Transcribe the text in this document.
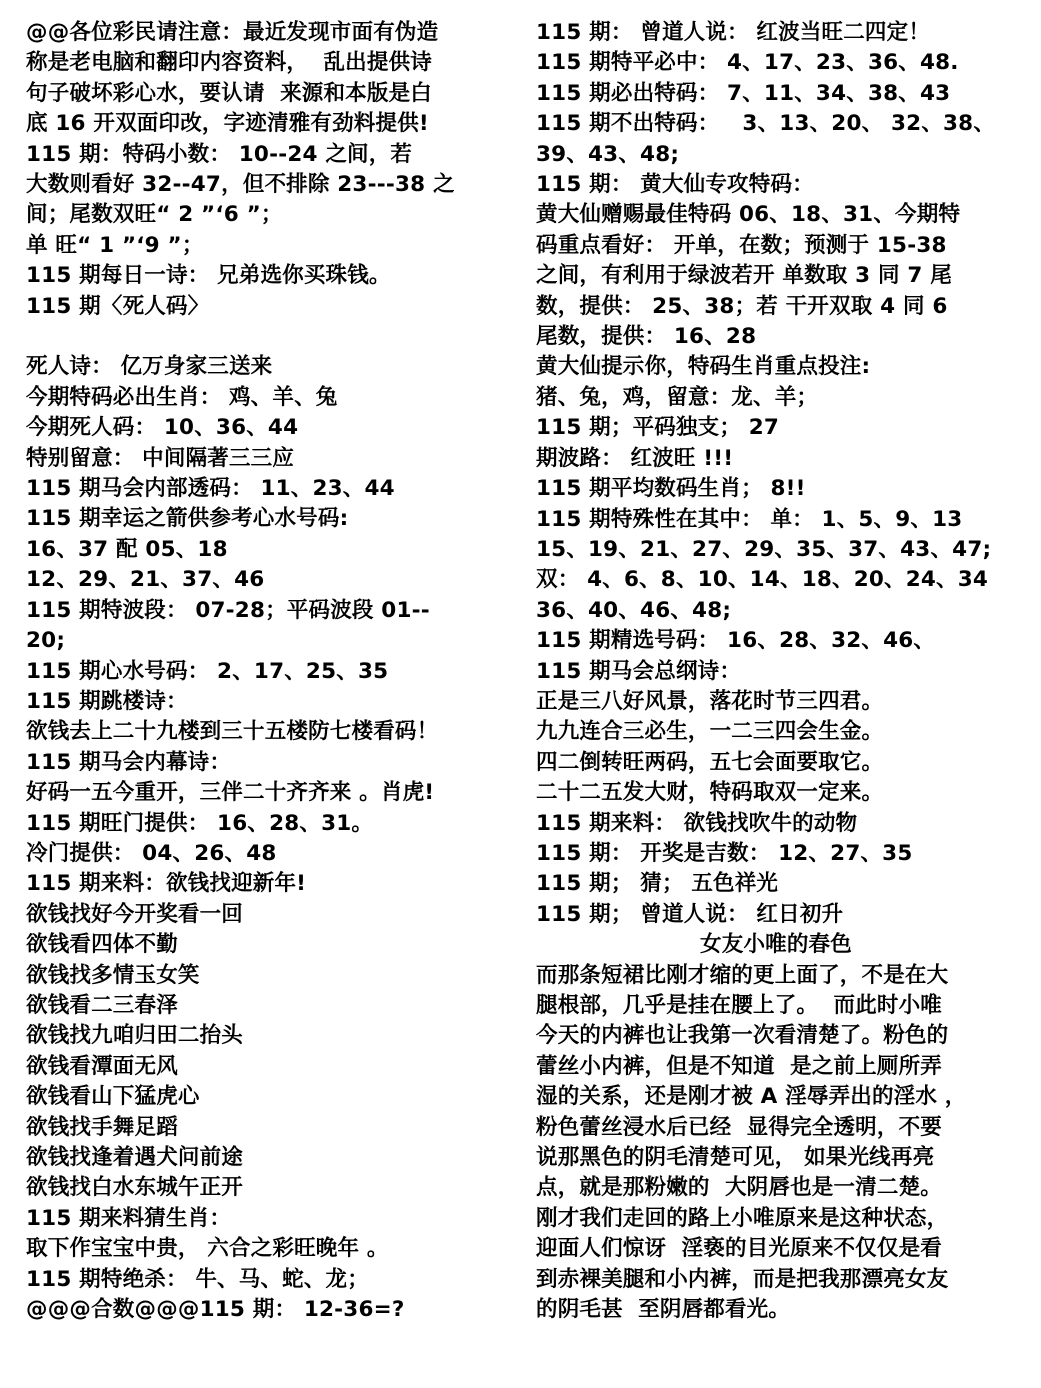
@@各位彩民请注意：最近发现市面有伪造
称是老电脑和翻印内容资料，  乱出提供诗
句子破坏彩心水，要认请  来源和本版是白
底 16 开双面印改，字迹清雅有劲料提供!
115 期：特码小数： 10--24 之间，若
大数则看好 32--47，但不排除 23---38 之
间；尾数双旺“ 2 ”‘6 ”；
单 旺“ 1 ”‘9 ”；
115 期每日一诗： 兄弟选你买珠钱。
115 期〈死人码〉
死人诗： 亿万身家三送来
今期特码必出生肖： 鸡、羊、兔
今期死人码： 10、36、44
特别留意： 中间隔著三三应
115 期马会内部透码： 11、23、44
115 期幸运之箭供参考心水号码:
16、37 配 05、18
12、29、21、37、46
115 期特波段： 07-28；平码波段 01--
20;
115 期心水号码： 2、17、25、35
115 期跳楼诗：
欲钱去上二十九楼到三十五楼防七楼看码！
115 期马会内幕诗：
好码一五今重开，三伴二十齐齐来 。肖虎!
115 期旺门提供： 16、28、31。
冷门提供： 04、26、48
115 期来料：欲钱找迎新年!
欲钱找好今开奖看一回
欲钱看四体不勤
欲钱找多情玉女笑
欲钱看二三春泽
欲钱找九咱归田二抬头
欲钱看潭面无风
欲钱看山下猛虎心
欲钱找手舞足蹈
欲钱找逢着遇犬问前途
欲钱找白水东城午正开
115 期来料猜生肖：
取下作宝宝中贵， 六合之彩旺晚年 。
115 期特绝杀： 牛、马、蛇、龙；
@@@合数@@@115 期： 12-36=?
115 期： 曾道人说： 红波当旺二四定！
115 期特平必中： 4、17、23、36、48.
115 期必出特码： 7、11、34、38、43
115 期不出特码：   3、13、20、 32、38、
39、43、48;
115 期： 黄大仙专攻特码：
黄大仙赠赐最佳特码 06、18、31、今期特
码重点看好： 开单，在数；预测于 15-38
之间，有利用于绿波若开 单数取 3 同 7 尾
数，提供： 25、38；若 干开双取 4 同 6
尾数，提供： 16、28
黄大仙提示你，特码生肖重点投注:
猪、兔，鸡，留意：龙、羊；
115 期；平码独支； 27
期波路： 红波旺 !!!
115 期平均数码生肖； 8!!
115 期特殊性在其中： 单： 1、5、9、13
15、19、21、27、29、35、37、43、47;
双： 4、6、8、10、14、18、20、24、34
36、40、46、48;
115 期精选号码： 16、28、32、46、
115 期马会总纲诗：
正是三八好风景，落花时节三四君。
九九连合三必生，一二三四会生金。
四二倒转旺两码，五七会面要取它。
二十二五发大财，特码取双一定来。
115 期来料： 欲钱找吹牛的动物
115 期： 开奖是吉数： 12、27、35
115 期； 猜； 五色祥光
115 期； 曾道人说： 红日初升
女友小唯的春色
而那条短裙比刚才缩的更上面了，不是在大
腿根部，几乎是挂在腰上了。  而此时小唯
今天的内裤也让我第一次看清楚了。粉色的
蕾丝小内裤，但是不知道  是之前上厕所弄
湿的关系，还是刚才被 A 淫辱弄出的淫水 ，
粉色蕾丝浸水后已经  显得完全透明，不要
说那黑色的阴毛清楚可见， 如果光线再亮
点，就是那粉嫩的  大阴唇也是一清二楚。
刚才我们走回的路上小唯原来是这种状态，
迎面人们惊讶  淫亵的目光原来不仅仅是看
到赤裸美腿和小内裤，而是把我那漂亮女友
的阴毛甚  至阴唇都看光。
